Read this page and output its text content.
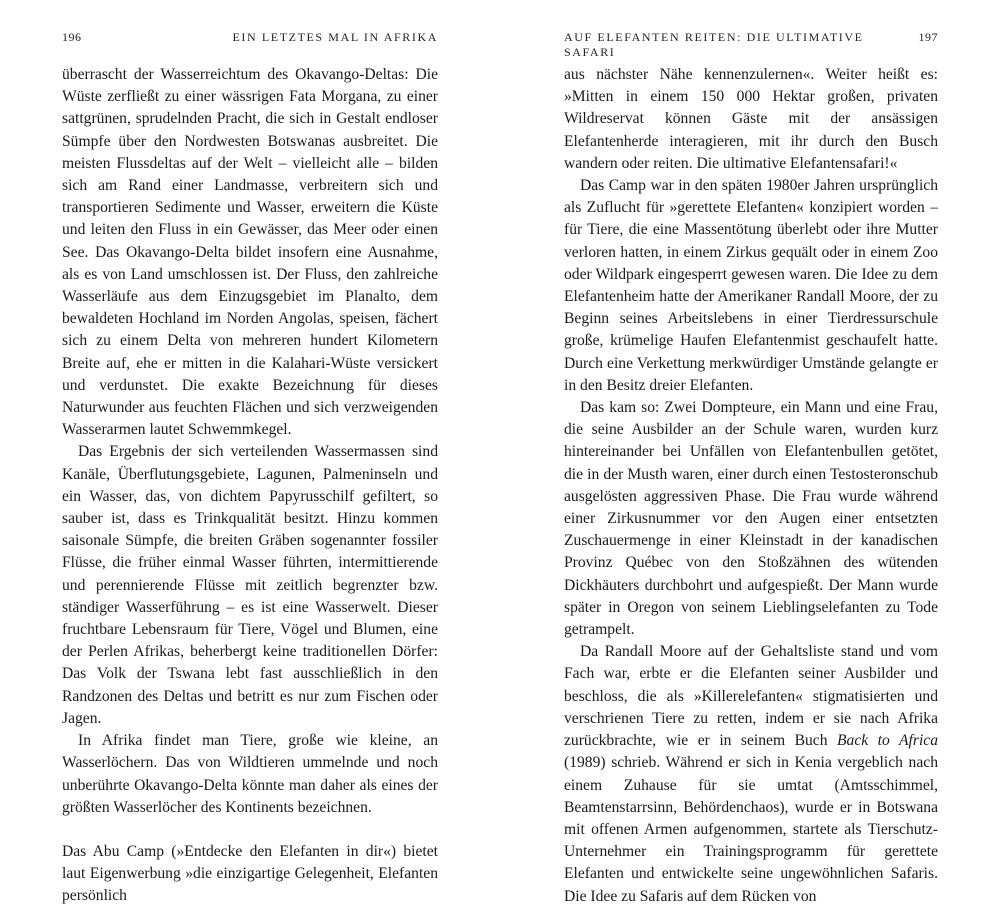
196	EIN LETZTES MAL IN AFRIKA

überrascht der Wasserreichtum des Okavango-Deltas: Die Wüste zerfließt zu einer wässrigen Fata Morgana, zu einer sattgrünen, sprudelnden Pracht, die sich in Gestalt endloser Sümpfe über den Nordwesten Botswanas ausbreitet. Die meisten Flussdeltas auf der Welt – vielleicht alle – bilden sich am Rand einer Landmasse, verbreitern sich und transportieren Sedimente und Wasser, erweitern die Küste und leiten den Fluss in ein Gewässer, das Meer oder einen See. Das Okavango-Delta bildet insofern eine Ausnahme, als es von Land umschlossen ist. Der Fluss, den zahlreiche Wasserläufe aus dem Einzugsgebiet im Planalto, dem bewaldeten Hochland im Norden Angolas, speisen, fächert sich zu einem Delta von mehreren hundert Kilometern Breite auf, ehe er mitten in die Kalahari-Wüste versickert und verdunstet. Die exakte Bezeichnung für dieses Naturwunder aus feuchten Flächen und sich verzweigenden Wasserarmen lautet Schwemmkegel.

Das Ergebnis der sich verteilenden Wassermassen sind Kanäle, Überflutungsgebiete, Lagunen, Palmeninseln und ein Wasser, das, von dichtem Papyrusschilf gefiltert, so sauber ist, dass es Trinkqualität besitzt. Hinzu kommen saisonale Sümpfe, die breiten Gräben sogenannter fossiler Flüsse, die früher einmal Wasser führten, intermittierende und perennierende Flüsse mit zeitlich begrenzter bzw. ständiger Wasserführung – es ist eine Wasserwelt. Dieser fruchtbare Lebensraum für Tiere, Vögel und Blumen, eine der Perlen Afrikas, beherbergt keine traditionellen Dörfer: Das Volk der Tswana lebt fast ausschließlich in den Randzonen des Deltas und betritt es nur zum Fischen oder Jagen.

In Afrika findet man Tiere, große wie kleine, an Wasserlöchern. Das von Wildtieren ummelnde und noch unberührte Okavango-Delta könnte man daher als eines der größten Wasserlöcher des Kontinents bezeichnen.

Das Abu Camp (»Entdecke den Elefanten in dir«) bietet laut Eigenwerbung »die einzigartige Gelegenheit, Elefanten persönlich

AUF ELEFANTEN REITEN: DIE ULTIMATIVE SAFARI
197

aus nächster Nähe kennenzulernen«. Weiter heißt es: »Mitten in einem 150 000 Hektar großen, privaten Wildreservat können Gäste mit der ansässigen Elefantenherde interagieren, mit ihr durch den Busch wandern oder reiten. Die ultimative Elefantensafari!«

Das Camp war in den späten 1980er Jahren ursprünglich als Zuflucht für »gerettete Elefanten« konzipiert worden – für Tiere, die eine Massentötung überlebt oder ihre Mutter verloren hatten, in einem Zirkus gequält oder in einem Zoo oder Wildpark eingesperrt gewesen waren. Die Idee zu dem Elefantenheim hatte der Amerikaner Randall Moore, der zu Beginn seines Arbeitslebens in einer Tierdressurschule große, krümelige Haufen Elefantenmist geschaufelt hatte. Durch eine Verkettung merkwürdiger Umstände gelangte er in den Besitz dreier Elefanten.

Das kam so: Zwei Dompteure, ein Mann und eine Frau, die seine Ausbilder an der Schule waren, wurden kurz hintereinander bei Unfällen von Elefantenbullen getötet, die in der Musth waren, einer durch einen Testosteronschub ausgelösten aggressiven Phase. Die Frau wurde während einer Zirkusnummer vor den Augen einer entsetzten Zuschauermenge in einer Kleinstadt in der kanadischen Provinz Québec von den Stoßzähnen des wütenden Dickhäuters durchbohrt und aufgespießt. Der Mann wurde später in Oregon von seinem Lieblingselefanten zu Tode getrampelt.

Da Randall Moore auf der Gehaltsliste stand und vom Fach war, erbte er die Elefanten seiner Ausbilder und beschloss, die als »Killerelefanten« stigmatisierten und verschrienen Tiere zu retten, indem er sie nach Afrika zurückbrachte, wie er in seinem Buch Back to Africa (1989) schrieb. Während er sich in Kenia vergeblich nach einem Zuhause für sie umtat (Amtsschimmel, Beamtenstarrsinn, Behördenchaos), wurde er in Botswana mit offenen Armen aufgenommen, startete als Tierschutz-Unternehmer ein Trainingsprogramm für gerettete Elefanten und entwickelte seine ungewöhnlichen Safaris. Die Idee zu Safaris auf dem Rücken von
